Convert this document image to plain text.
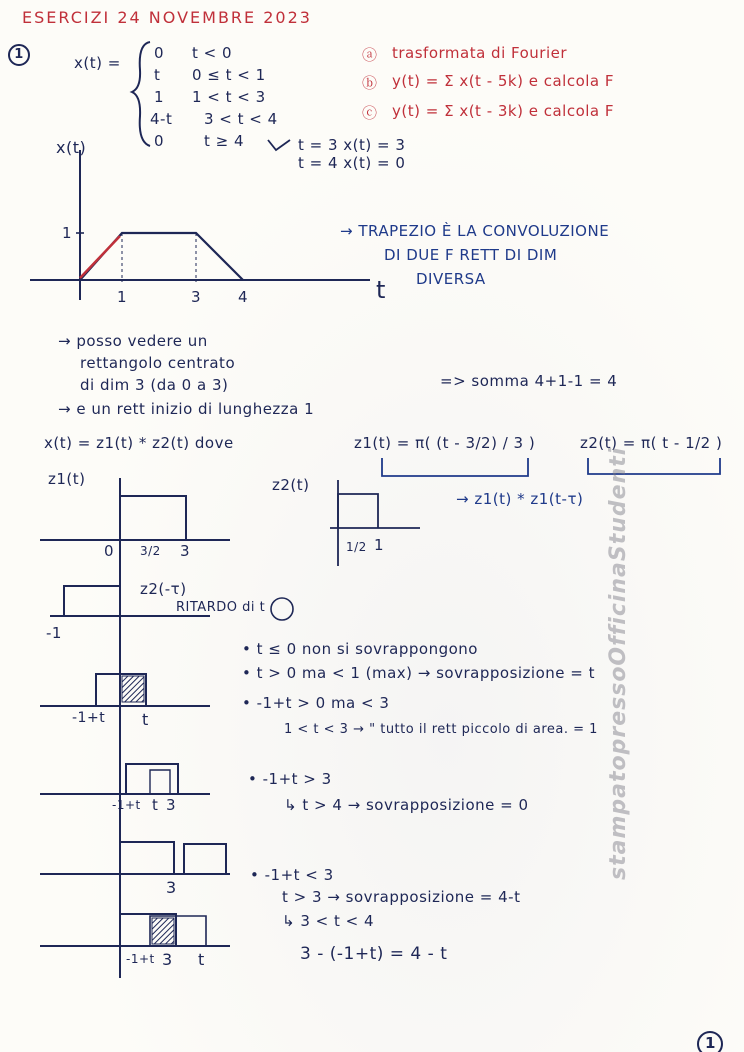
ESERCIZI 24 NOVEMBRE 2023
1	x(t) =
0 t < 0
t 0 ≤ t < 1
1 1 < t < 3
4-t 3 < t < 4
0	t ≥ 4
ⓐ trasformata di Fourier
ⓑ y(t) = Σ x(t - 5k) e calcola F
ⓒ y(t) = Σ x(t - 3k) e calcola F
t = 3 x(t) = 3
t = 4 x(t) = 0
x(t)
1
1	3 4	t
→ TRAPEZIO È LA CONVOLUZIONE
DI DUE F RETT DI DIM
DIVERSA
→ posso vedere un
rettangolo centrato
di dim 3 (da 0 a 3)
→ e un rett inizio di lunghezza 1
=> somma 4+1-1 = 4
x(t) = z1(t) * z2(t) dove	z1(t) = π( (t - 3/2) / 3 )	z2(t) = π( t - 1/2 )
→ z1(t) * z1(t-τ)
z1(t)
0 3/2 3
z2(t)
1/2 1
z2(-τ)
-1
RITARDO di t
-1+t t
-1+t t 3
3
-1+t 3 t
• t ≤ 0 non si sovrappongono
• t > 0 ma < 1 (max) → sovrapposizione = t
• -1+t > 0 ma < 3
1 < t < 3 → " tutto il rett piccolo di area. = 1
• -1+t > 3
↳ t > 4 → sovrapposizione = 0
• -1+t < 3
t > 3 → sovrapposizione = 4-t
↳ 3 < t < 4
3 - (-1+t) = 4 - t
stampatopressoOfficinaStudenti
1
